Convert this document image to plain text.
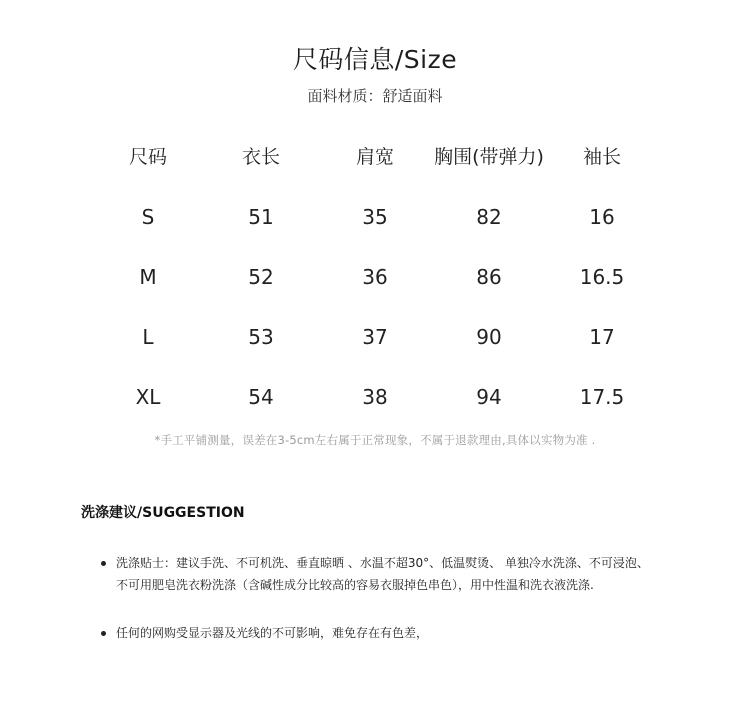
尺码信息/Size
面料材质：舒适面料
尺码	衣长	肩宽	胸围(带弹力)	袖长
S	51	35	82	16
M	52	36	86	16.5
L	53	37	90	17
XL	54	38	94	17.5
*手工平铺测量，误差在3-5cm左右属于正常现象，不属于退款理由,具体以实物为准 .
洗涤建议/SUGGESTION
洗涤贴士：建议手洗、不可机洗、垂直晾晒 、水温不超30°、低温熨烫、 单独冷水洗涤、不可浸泡、
不可用肥皂洗衣粉洗涤（含碱性成分比较高的容易衣服掉色串色），用中性温和洗衣液洗涤.
任何的网购受显示器及光线的不可影响，难免存在有色差，
